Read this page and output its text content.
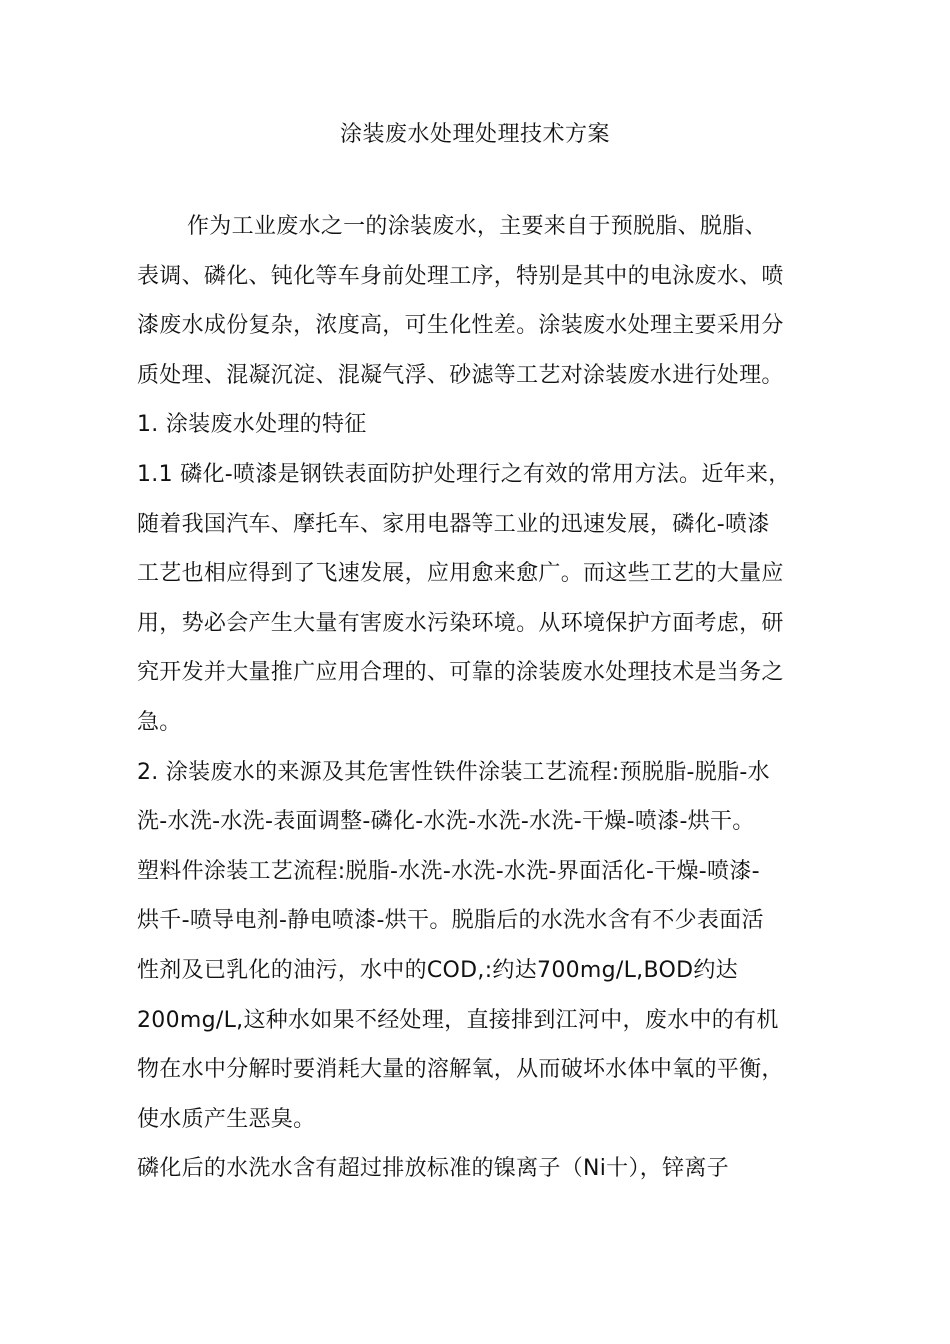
涂装废水处理处理技术方案
作为工业废水之一的涂装废水，主要来自于预脱脂、脱脂、
表调、磷化、钝化等车身前处理工序，特别是其中的电泳废水、喷
漆废水成份复杂，浓度高，可生化性差。涂装废水处理主要采用分
质处理、混凝沉淀、混凝气浮、砂滤等工艺对涂装废水进行处理。
1. 涂装废水处理的特征
1.1 磷化-喷漆是钢铁表面防护处理行之有效的常用方法。近年来，
随着我国汽车、摩托车、家用电器等工业的迅速发展，磷化-喷漆
工艺也相应得到了飞速发展，应用愈来愈广。而这些工艺的大量应
用，势必会产生大量有害废水污染环境。从环境保护方面考虑，研
究开发并大量推广应用合理的、可靠的涂装废水处理技术是当务之
急。
2. 涂装废水的来源及其危害性铁件涂装工艺流程:预脱脂-脱脂-水
洗-水洗-水洗-表面调整-磷化-水洗-水洗-水洗-干燥-喷漆-烘干。
塑料件涂装工艺流程:脱脂-水洗-水洗-水洗-界面活化-干燥-喷漆-
烘千-喷导电剂-静电喷漆-烘干。脱脂后的水洗水含有不少表面活
性剂及已乳化的油污，水中的COD,:约达700mg/L,BOD约达
200mg/L,这种水如果不经处理，直接排到江河中，废水中的有机
物在水中分解时要消耗大量的溶解氧，从而破坏水体中氧的平衡，
使水质产生恶臭。
磷化后的水洗水含有超过排放标准的镍离子（Ni十），锌离子
